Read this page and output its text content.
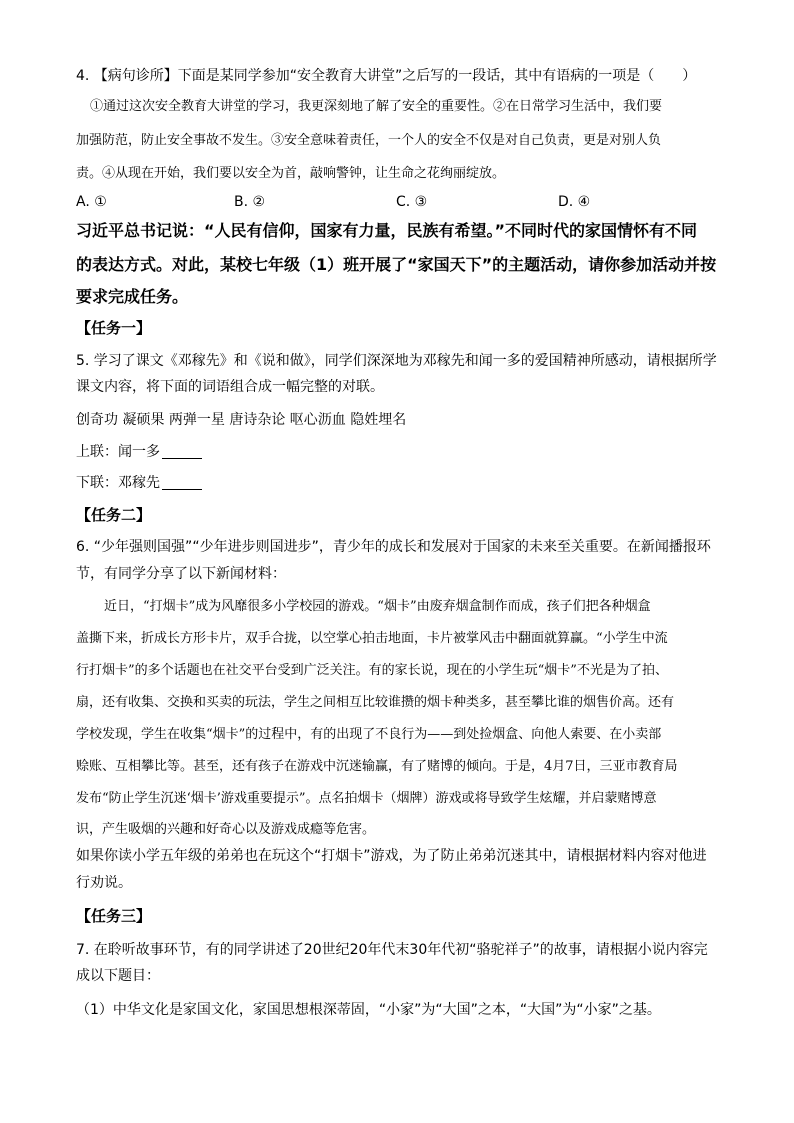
4. 【病句诊所】下面是某同学参加“安全教育大讲堂”之后写的一段话，其中有语病的一项是（　　）
①通过这次安全教育大讲堂的学习，我更深刻地了解了安全的重要性。②在日常学习生活中，我们要
加强防范，防止安全事故不发生。③安全意味着责任，一个人的安全不仅是对自己负责，更是对别人负
责。④从现在开始，我们要以安全为首，敲响警钟，让生命之花绚丽绽放。
A. ①	B. ②	C. ③	D. ④
习近平总书记说：“人民有信仰，国家有力量，民族有希望。”不同时代的家国情怀有不同
的表达方式。对此，某校七年级（1）班开展了“家国天下”的主题活动，请你参加活动并按
要求完成任务。
【任务一】
5. 学习了课文《邓稼先》和《说和做》，同学们深深地为邓稼先和闻一多的爱国精神所感动，请根据所学
课文内容，将下面的词语组合成一幅完整的对联。
创奇功 凝硕果 两弹一星 唐诗杂论 呕心沥血 隐姓埋名
上联：闻一多
下联：邓稼先
【任务二】
6. “少年强则国强”“少年进步则国进步”，青少年的成长和发展对于国家的未来至关重要。在新闻播报环
节，有同学分享了以下新闻材料：
近日，“打烟卡”成为风靡很多小学校园的游戏。“烟卡”由废弃烟盒制作而成，孩子们把各种烟盒
盖撕下来，折成长方形卡片，双手合拢，以空掌心拍击地面，卡片被掌风击中翻面就算赢。“小学生中流
行打烟卡”的多个话题也在社交平台受到广泛关注。有的家长说，现在的小学生玩“烟卡”不光是为了拍、
扇，还有收集、交换和买卖的玩法，学生之间相互比较谁攒的烟卡种类多，甚至攀比谁的烟售价高。还有
学校发现，学生在收集“烟卡”的过程中，有的出现了不良行为——到处捡烟盒、向他人索要、在小卖部
赊账、互相攀比等。甚至，还有孩子在游戏中沉迷输赢，有了赌博的倾向。于是，4月7日，三亚市教育局
发布“防止学生沉迷‘烟卡’游戏重要提示”。点名拍烟卡（烟牌）游戏或将导致学生炫耀，并启蒙赌博意
识，产生吸烟的兴趣和好奇心以及游戏成瘾等危害。
如果你读小学五年级的弟弟也在玩这个“打烟卡”游戏，为了防止弟弟沉迷其中，请根据材料内容对他进
行劝说。
【任务三】
7. 在聆听故事环节，有的同学讲述了20世纪20年代末30年代初“骆驼祥子”的故事，请根据小说内容完
成以下题目：
（1）中华文化是家国文化，家国思想根深蒂固，“小家”为“大国”之本，“大国”为“小家”之基。
